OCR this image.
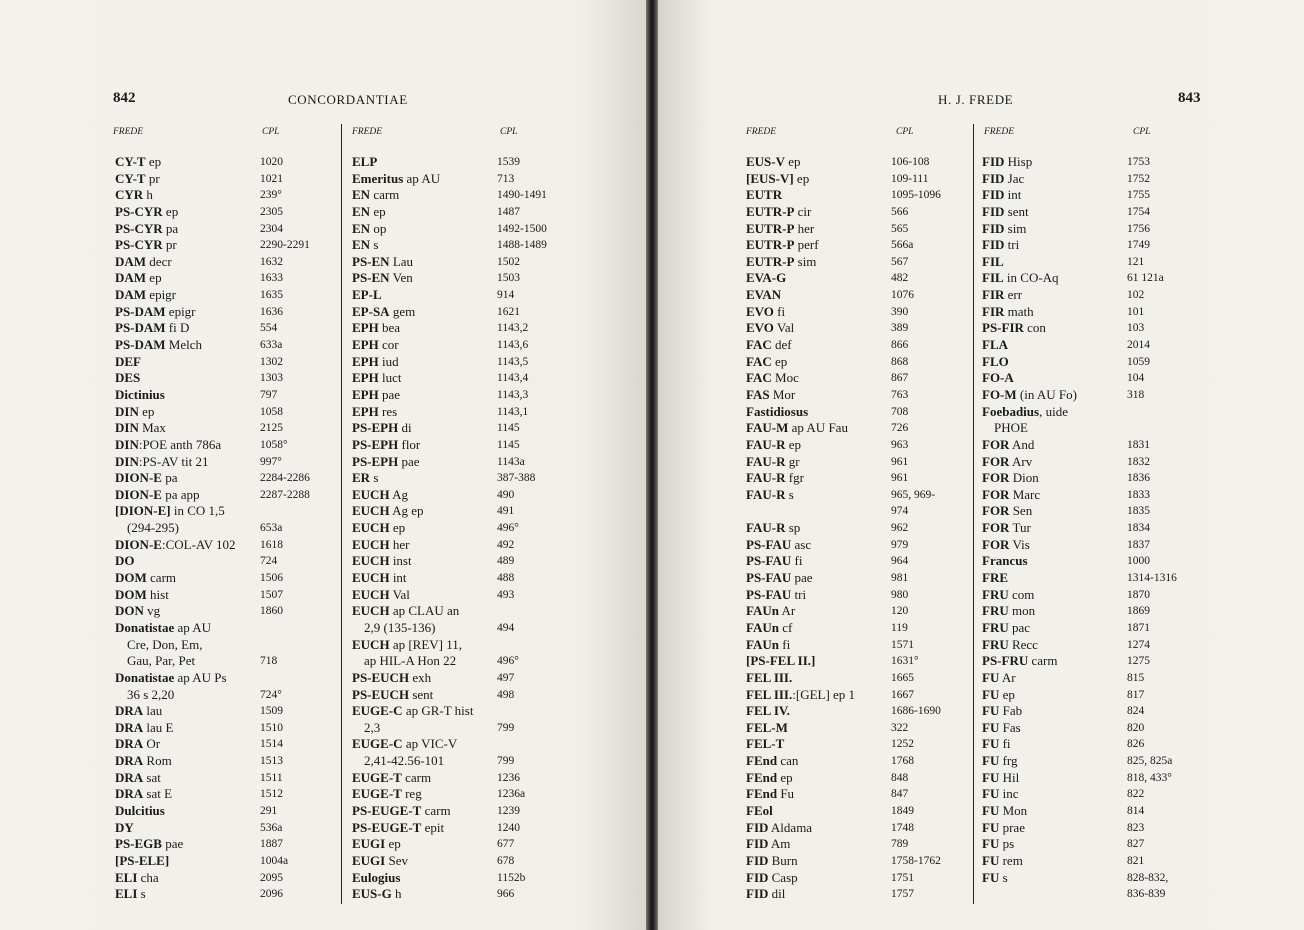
842	CONCORDANTIAE
FREDE	CPL	FREDE	CPL
CY-T ep	1020
CY-T pr	1021
CYR h	239°
PS-CYR ep	2305
PS-CYR pa	2304
PS-CYR pr	2290-2291
DAM decr	1632
DAM ep	1633
DAM epigr	1635
PS-DAM epigr	1636
PS-DAM fi D	554
PS-DAM Melch	633a
DEF	1302
DES	1303
Dictinius	797
DIN ep	1058
DIN Max	2125
DIN:POE anth 786a	1058°
DIN:PS-AV tit 21	997°
DION-E pa	2284-2286
DION-E pa app	2287-2288
[DION-E] in CO 1,5
(294-295)	653a
DION-E:COL-AV 102 1618
DO	724
DOM carm	1506
DOM hist	1507
DON vg	1860
Donatistae ap AU
Cre, Don, Em,
Gau, Par, Pet	718
Donatistae ap AU Ps
36 s 2,20	724°
DRA lau	1509
DRA lau E	1510
DRA Or	1514
DRA Rom	1513
DRA sat	1511
DRA sat E	1512
Dulcitius	291
DY	536a
PS-EGB pae	1887
[PS-ELE]	1004a
ELI cha	2095
ELI s	2096
ELP	1539
Emeritus ap AU	713
EN carm	1490-1491
EN ep	1487
EN op	1492-1500
EN s	1488-1489
PS-EN Lau	1502
PS-EN Ven	1503
EP-L	914
EP-SA gem	1621
EPH bea	1143,2
EPH cor	1143,6
EPH iud	1143,5
EPH luct	1143,4
EPH pae	1143,3
EPH res	1143,1
PS-EPH di	1145
PS-EPH flor	1145
PS-EPH pae	1143a
ER s	387-388
EUCH Ag	490
EUCH Ag ep	491
EUCH ep	496°
EUCH her	492
EUCH inst	489
EUCH int	488
EUCH Val	493
EUCH ap CLAU an
2,9 (135-136)	494
EUCH ap [REV] 11,
ap HIL-A Hon 22	496°
PS-EUCH exh	497
PS-EUCH sent	498
EUGE-C ap GR-T hist
2,3	799
EUGE-C ap VIC-V
2,41-42.56-101	799
EUGE-T carm	1236
EUGE-T reg	1236a
PS-EUGE-T carm	1239
PS-EUGE-T epit	1240
EUGI ep	677
EUGI Sev	678
Eulogius	1152b
EUS-G h	966
H. J. FREDE	843
FREDE	CPL	FREDE	CPL
EUS-V ep	106-108
[EUS-V] ep	109-111
EUTR	1095-1096
EUTR-P cir	566
EUTR-P her	565
EUTR-P perf	566a
EUTR-P sim	567
EVA-G	482
EVAN	1076
EVO fi	390
EVO Val	389
FAC def	866
FAC ep	868
FAC Moc	867
FAS Mor	763
Fastidiosus	708
FAU-M ap AU Fau	726
FAU-R ep	963
FAU-R gr	961
FAU-R fgr	961
FAU-R s	965, 969-
974
FAU-R sp	962
PS-FAU asc	979
PS-FAU fi	964
PS-FAU pae	981
PS-FAU tri	980
FAUn Ar	120
FAUn cf	119
FAUn fi	1571
[PS-FEL II.]	1631°
FEL III.	1665
FEL III.:[GEL] ep 1	1667
FEL IV.	1686-1690
FEL-M	322
FEL-T	1252
FEnd can	1768
FEnd ep	848
FEnd Fu	847
FEol	1849
FID Aldama	1748
FID Am	789
FID Burn	1758-1762
FID Casp	1751
FID dil	1757
FID Hisp	1753
FID Jac	1752
FID int	1755
FID sent	1754
FID sim	1756
FID tri	1749
FIL	121
FIL in CO-Aq	61 121a
FIR err	102
FIR math	101
PS-FIR con	103
FLA	2014
FLO	1059
FO-A	104
FO-M (in AU Fo)	318
Foebadius, uide
PHOE
FOR And	1831
FOR Arv	1832
FOR Dion	1836
FOR Marc	1833
FOR Sen	1835
FOR Tur	1834
FOR Vis	1837
Francus	1000
FRE	1314-1316
FRU com	1870
FRU mon	1869
FRU pac	1871
FRU Recc	1274
PS-FRU carm	1275
FU Ar	815
FU ep	817
FU Fab	824
FU Fas	820
FU fi	826
FU frg	825, 825a
FU Hil	818, 433°
FU inc	822
FU Mon	814
FU prae	823
FU ps	827
FU rem	821
FU s	828-832,
836-839
